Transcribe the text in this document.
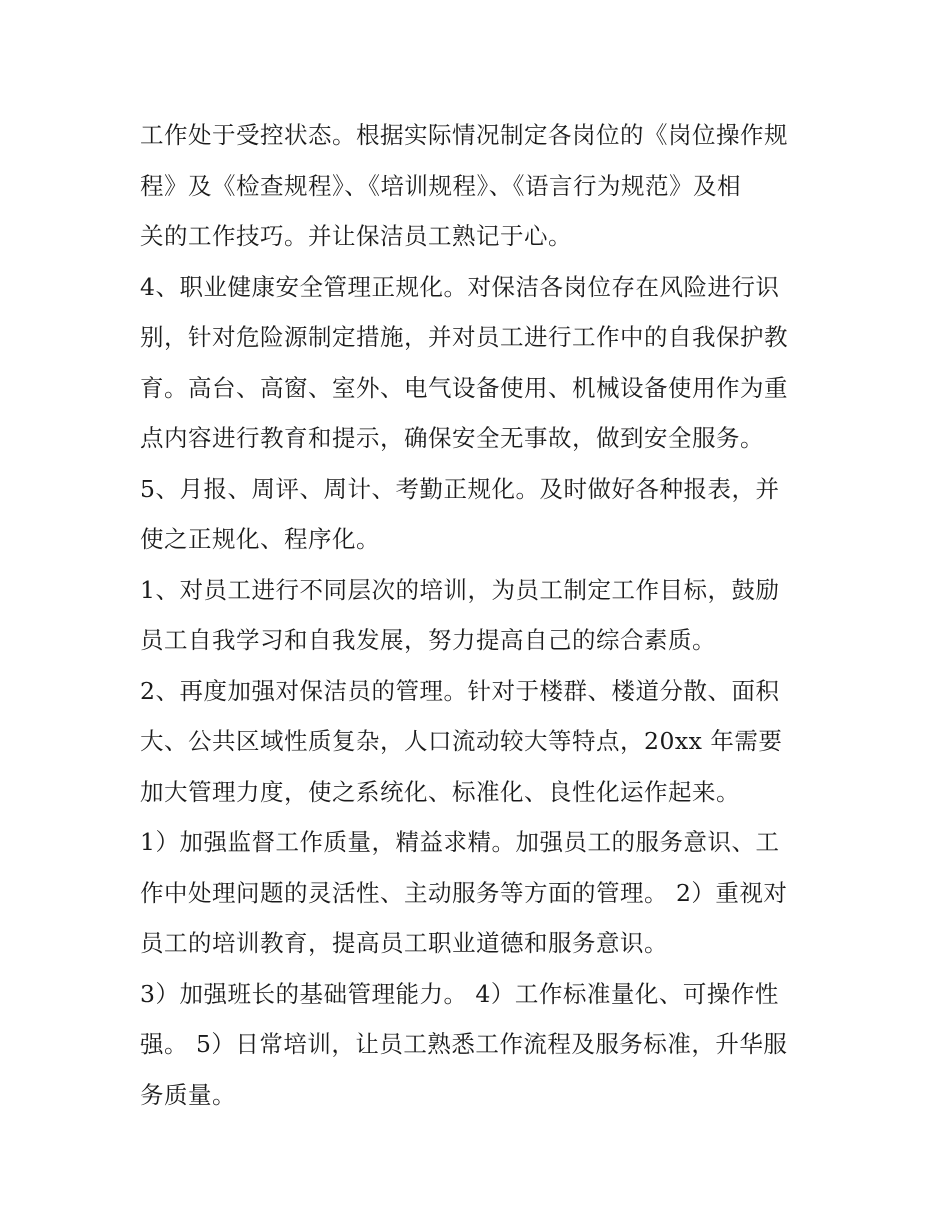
工作处于受控状态。根据实际情况制定各岗位的《岗位操作规
程》及《检查规程》、《培训规程》、《语言行为规范》及相
关的工作技巧。并让保洁员工熟记于心。
4、职业健康安全管理正规化。对保洁各岗位存在风险进行识
别，针对危险源制定措施，并对员工进行工作中的自我保护教
育。高台、高窗、室外、电气设备使用、机械设备使用作为重
点内容进行教育和提示，确保安全无事故，做到安全服务。
5、月报、周评、周计、考勤正规化。及时做好各种报表，并
使之正规化、程序化。
1、对员工进行不同层次的培训，为员工制定工作目标，鼓励
员工自我学习和自我发展，努力提高自己的综合素质。
2、再度加强对保洁员的管理。针对于楼群、楼道分散、面积
大、公共区域性质复杂，人口流动较大等特点，20xx 年需要
加大管理力度，使之系统化、标准化、良性化运作起来。
1）加强监督工作质量，精益求精。加强员工的服务意识、工
作中处理问题的灵活性、主动服务等方面的管理。 2）重视对
员工的培训教育，提高员工职业道德和服务意识。
3）加强班长的基础管理能力。 4）工作标准量化、可操作性
强。 5）日常培训，让员工熟悉工作流程及服务标准，升华服
务质量。
